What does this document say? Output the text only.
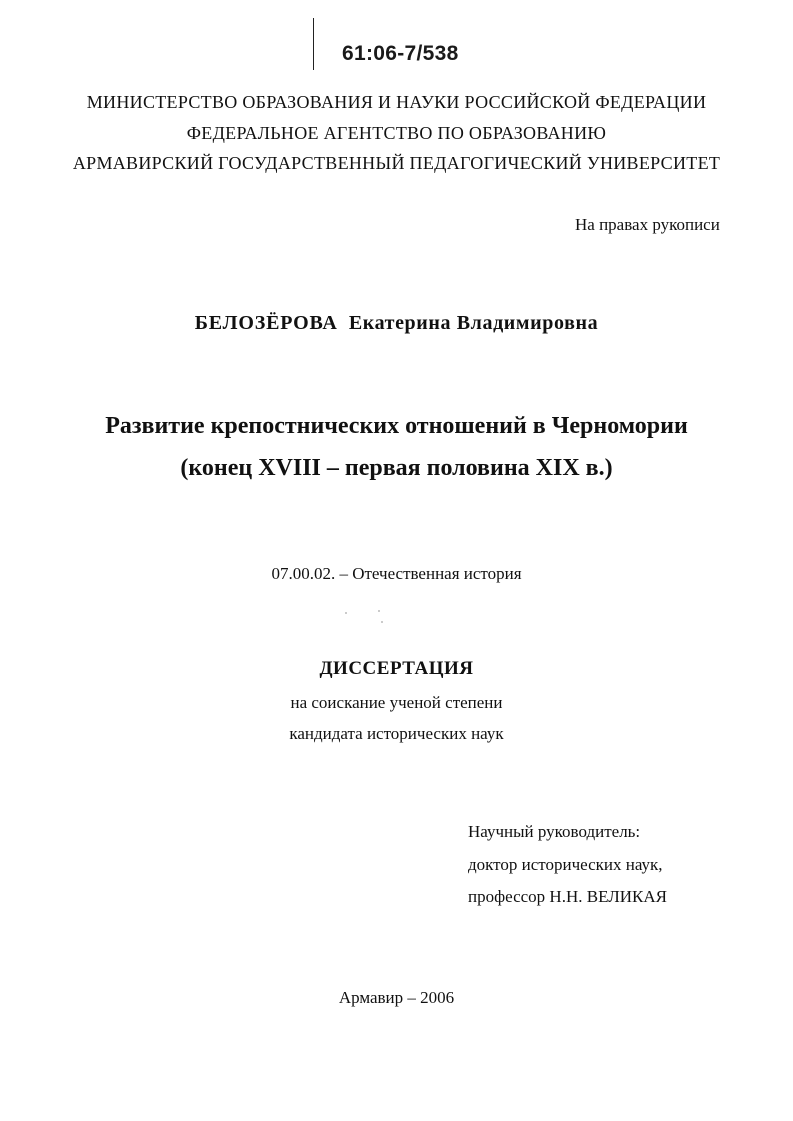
61:06-7/538
МИНИСТЕРСТВО ОБРАЗОВАНИЯ И НАУКИ РОССИЙСКОЙ ФЕДЕРАЦИИ
ФЕДЕРАЛЬНОЕ АГЕНТСТВО ПО ОБРАЗОВАНИЮ
АРМАВИРСКИЙ ГОСУДАРСТВЕННЫЙ ПЕДАГОГИЧЕСКИЙ УНИВЕРСИТЕТ
На правах рукописи
БЕЛОЗЁРОВА Екатерина Владимировна
Развитие крепостнических отношений в Черномории
(конец XVIII – первая половина XIX в.)
07.00.02. – Отечественная история
ДИССЕРТАЦИЯ
на соискание ученой степени
кандидата исторических наук
Научный руководитель:
доктор исторических наук,
профессор Н.Н. ВЕЛИКАЯ
Армавир – 2006
